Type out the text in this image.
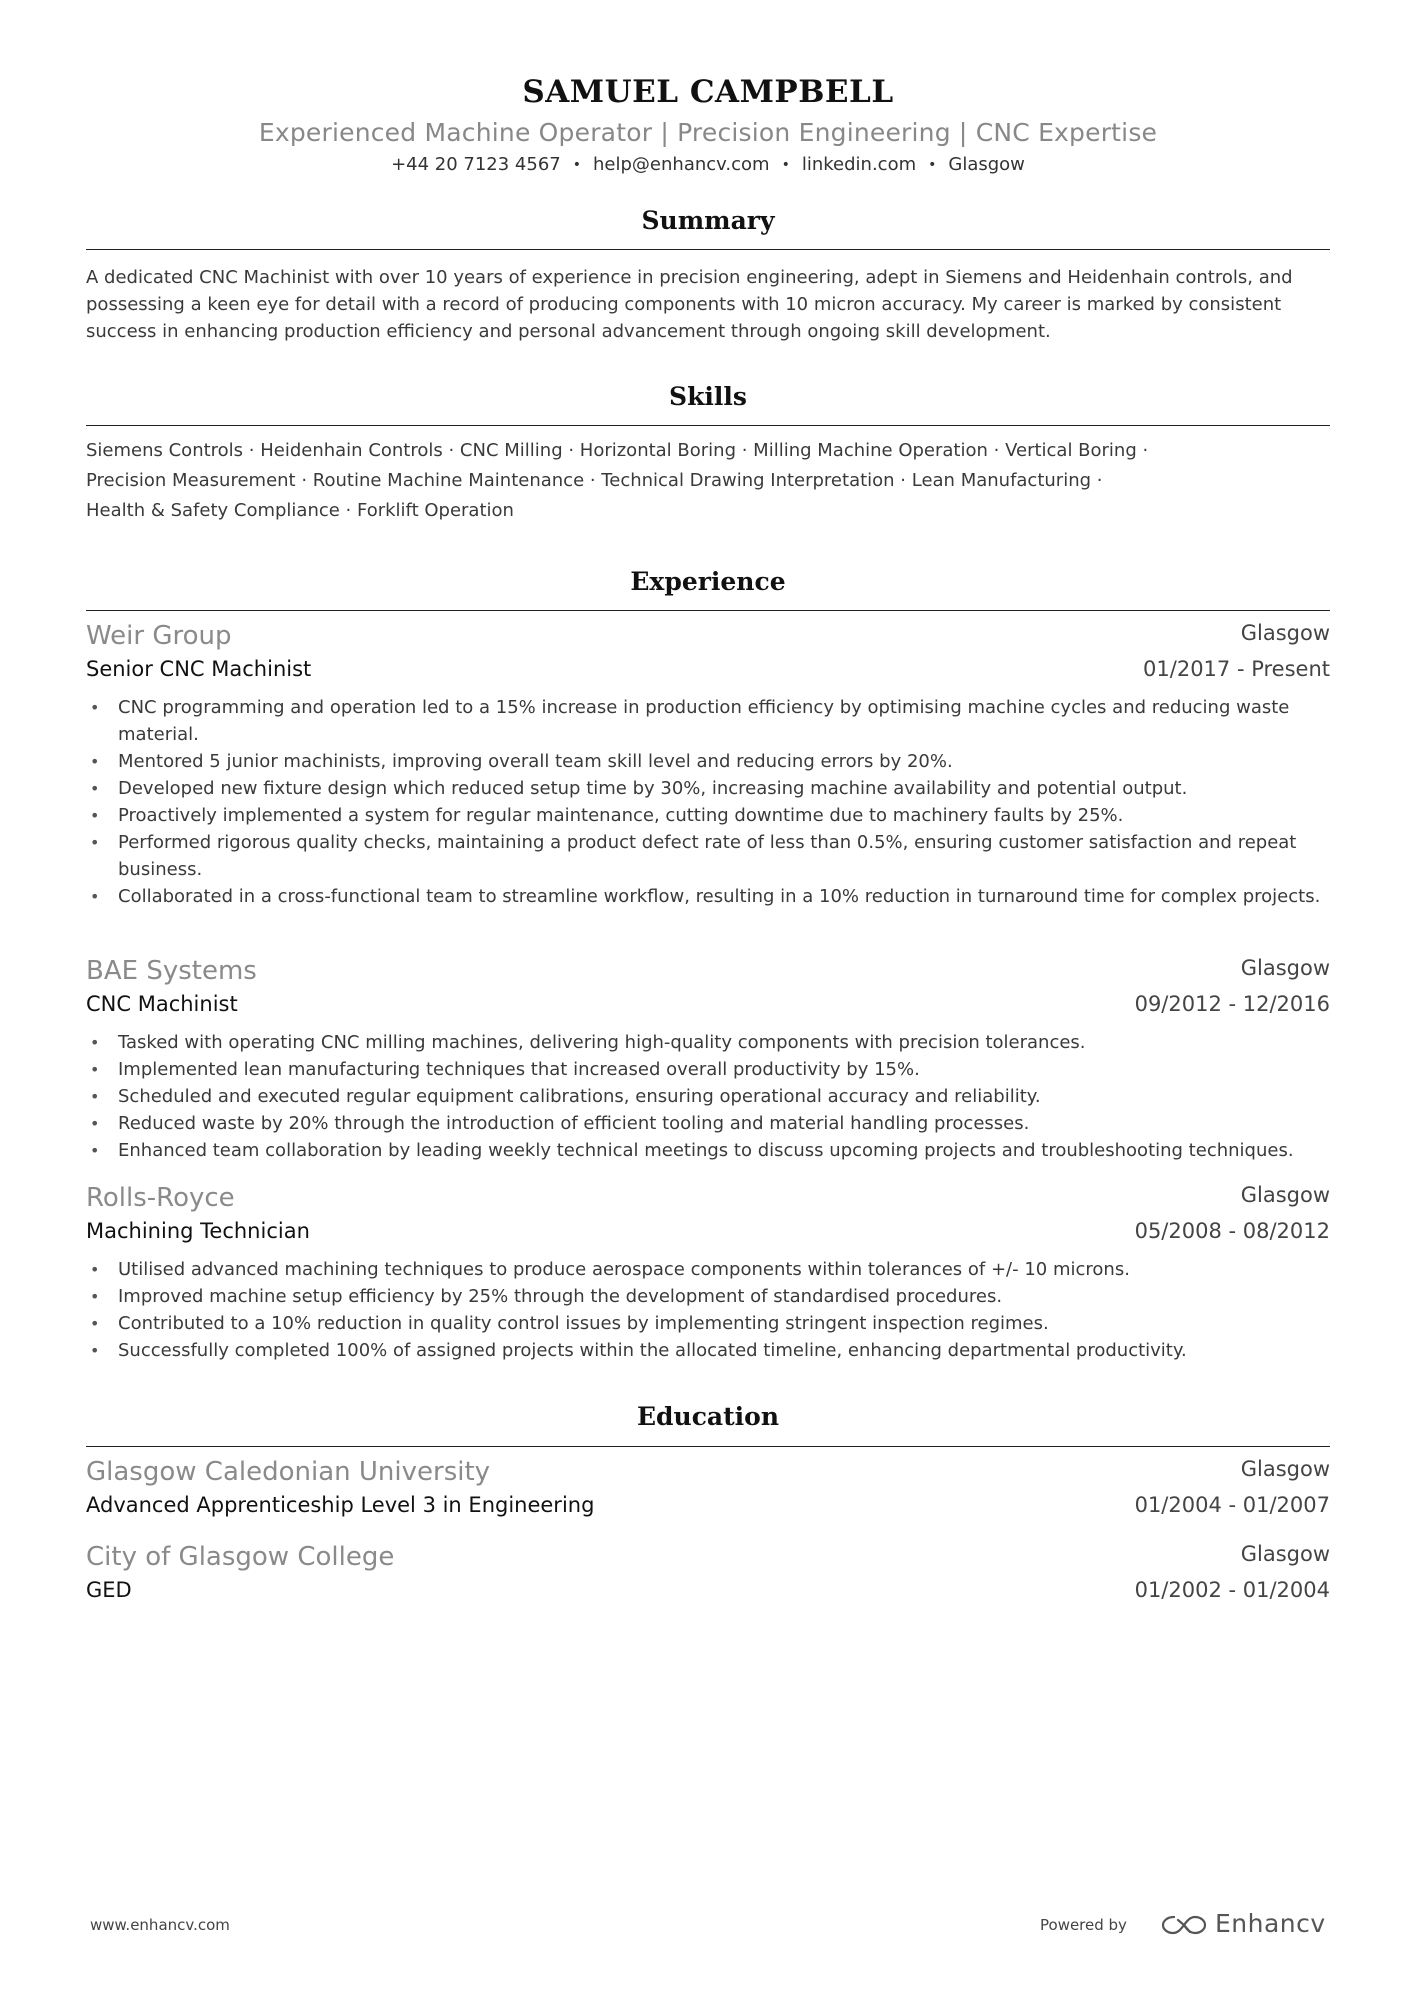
SAMUEL CAMPBELL
Experienced Machine Operator | Precision Engineering | CNC Expertise
+44 20 7123 4567 • help@enhancv.com • linkedin.com • Glasgow
Summary
A dedicated CNC Machinist with over 10 years of experience in precision engineering, adept in Siemens and Heidenhain controls, and possessing a keen eye for detail with a record of producing components with 10 micron accuracy. My career is marked by consistent success in enhancing production efficiency and personal advancement through ongoing skill development.
Skills
Siemens Controls · Heidenhain Controls · CNC Milling · Horizontal Boring · Milling Machine Operation · Vertical Boring ·
Precision Measurement · Routine Machine Maintenance · Technical Drawing Interpretation · Lean Manufacturing ·
Health & Safety Compliance · Forklift Operation
Experience
Weir Group	Glasgow
Senior CNC Machinist	01/2017 - Present
• CNC programming and operation led to a 15% increase in production efficiency by optimising machine cycles and reducing waste material.
• Mentored 5 junior machinists, improving overall team skill level and reducing errors by 20%.
• Developed new fixture design which reduced setup time by 30%, increasing machine availability and potential output.
• Proactively implemented a system for regular maintenance, cutting downtime due to machinery faults by 25%.
• Performed rigorous quality checks, maintaining a product defect rate of less than 0.5%, ensuring customer satisfaction and repeat business.
• Collaborated in a cross-functional team to streamline workflow, resulting in a 10% reduction in turnaround time for complex projects.
BAE Systems	Glasgow
CNC Machinist	09/2012 - 12/2016
• Tasked with operating CNC milling machines, delivering high-quality components with precision tolerances.
• Implemented lean manufacturing techniques that increased overall productivity by 15%.
• Scheduled and executed regular equipment calibrations, ensuring operational accuracy and reliability.
• Reduced waste by 20% through the introduction of efficient tooling and material handling processes.
• Enhanced team collaboration by leading weekly technical meetings to discuss upcoming projects and troubleshooting techniques.
Rolls-Royce	Glasgow
Machining Technician	05/2008 - 08/2012
• Utilised advanced machining techniques to produce aerospace components within tolerances of +/- 10 microns.
• Improved machine setup efficiency by 25% through the development of standardised procedures.
• Contributed to a 10% reduction in quality control issues by implementing stringent inspection regimes.
• Successfully completed 100% of assigned projects within the allocated timeline, enhancing departmental productivity.
Education
Glasgow Caledonian University	Glasgow
Advanced Apprenticeship Level 3 in Engineering	01/2004 - 01/2007
City of Glasgow College	Glasgow
GED	01/2002 - 01/2004
www.enhancv.com	Powered by	Enhancv
